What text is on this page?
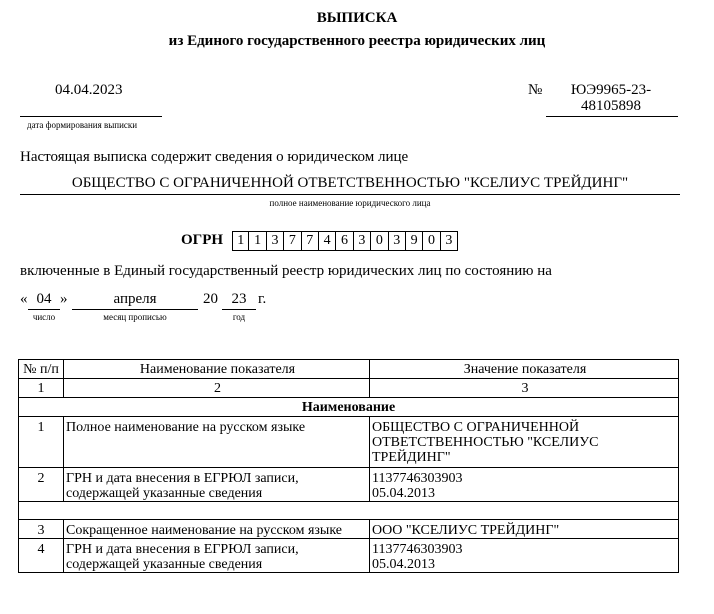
ВЫПИСКА
из Единого государственного реестра юридических лиц
04.04.2023
дата формирования выписки
№	ЮЭ9965-23-48105898
Настоящая выписка содержит сведения о юридическом лице
ОБЩЕСТВО С ОГРАНИЧЕННОЙ ОТВЕТСТВЕННОСТЬЮ "КСЕЛИУС ТРЕЙДИНГ"
полное наименование юридического лица
ОГРН	1 1 3 7 7 4 6 3 0 3 9 0 3
включенные в Единый государственный реестр юридических лиц по состоянию на
« 04 »	апреля	20 23 г.
число	месяц прописью	год
№ п/п	Наименование показателя	Значение показателя
1	2	3
Наименование		
1	Полное наименование на русском языке	ОБЩЕСТВО С ОГРАНИЧЕННОЙ ОТВЕТСТВЕННОСТЬЮ "КСЕЛИУС ТРЕЙДИНГ"
2	ГРН и дата внесения в ЕГРЮЛ записи, содержащей указанные сведения	1137746303903
05.04.2013

3	Сокращенное наименование на русском языке	ООО "КСЕЛИУС ТРЕЙДИНГ"
4	ГРН и дата внесения в ЕГРЮЛ записи, содержащей указанные сведения	1137746303903
05.04.2013
